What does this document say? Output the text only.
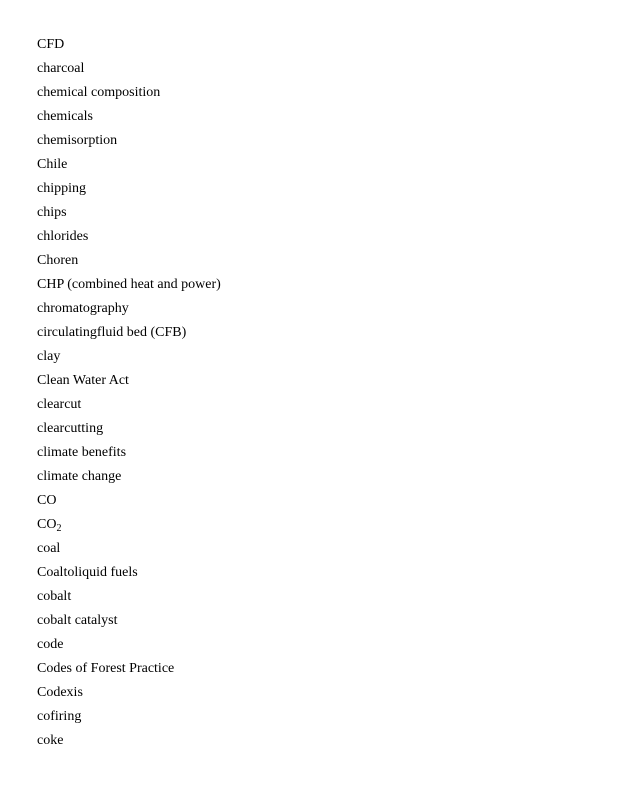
CFD
charcoal
chemical composition
chemicals
chemisorption
Chile
chipping
chips
chlorides
Choren
CHP (combined heat and power)
chromatography
circulatingfluid bed (CFB)
clay
Clean Water Act
clearcut
clearcutting
climate benefits
climate change
CO
$CO_2$
coal
Coaltoliquid fuels
cobalt
cobalt catalyst
code
Codes of Forest Practice
Codexis
cofiring
coke
